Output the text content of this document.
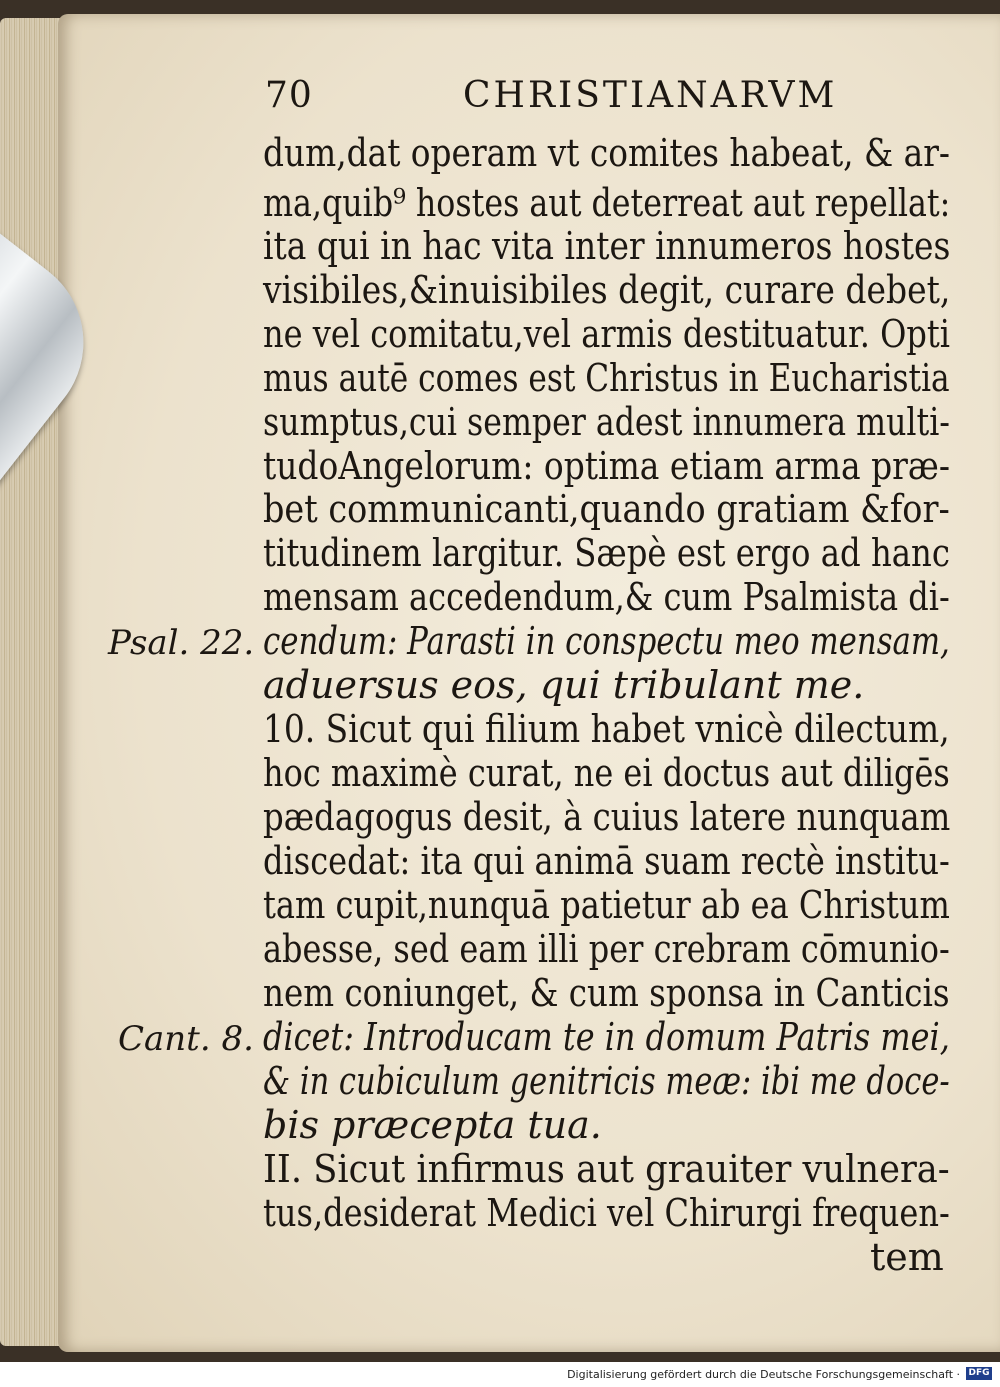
70	CHRISTIANARVM
dum,dat operam vt comites habeat, & ar-
ma,quib⁹ hostes aut deterreat aut repellat:
ita qui in hac vita inter innumeros hostes
visibiles,&inuisibiles degit, curare debet,
ne vel comitatu,vel armis destituatur. Opti
mus autē comes est Christus in Eucharistia
sumptus,cui semper adest innumera multi-
tudoAngelorum: optima etiam arma præ-
bet communicanti,quando gratiam &for-
titudinem largitur. Sæpè est ergo ad hanc
mensam accedendum,& cum Psalmista di-
cendum: Parasti in conspectu meo mensam,
aduersus eos, qui tribulant me.
10. Sicut qui filium habet vnicè dilectum,
hoc maximè curat, ne ei doctus aut diligēs
pædagogus desit, à cuius latere nunquam
discedat: ita qui animā suam rectè institu-
tam cupit,nunquā patietur ab ea Christum
abesse, sed eam illi per crebram cōmunio-
nem coniunget, & cum sponsa in Canticis
dicet: Introducam te in domum Patris mei,
& in cubiculum genitricis meæ: ibi me doce-
bis præcepta tua.
II. Sicut infirmus aut grauiter vulnera-
tus,desiderat Medici vel Chirurgi frequen-
tem
Psal. 22.
Cant. 8.
Digitalisierung gefördert durch die Deutsche Forschungsgemeinschaft · DFG
